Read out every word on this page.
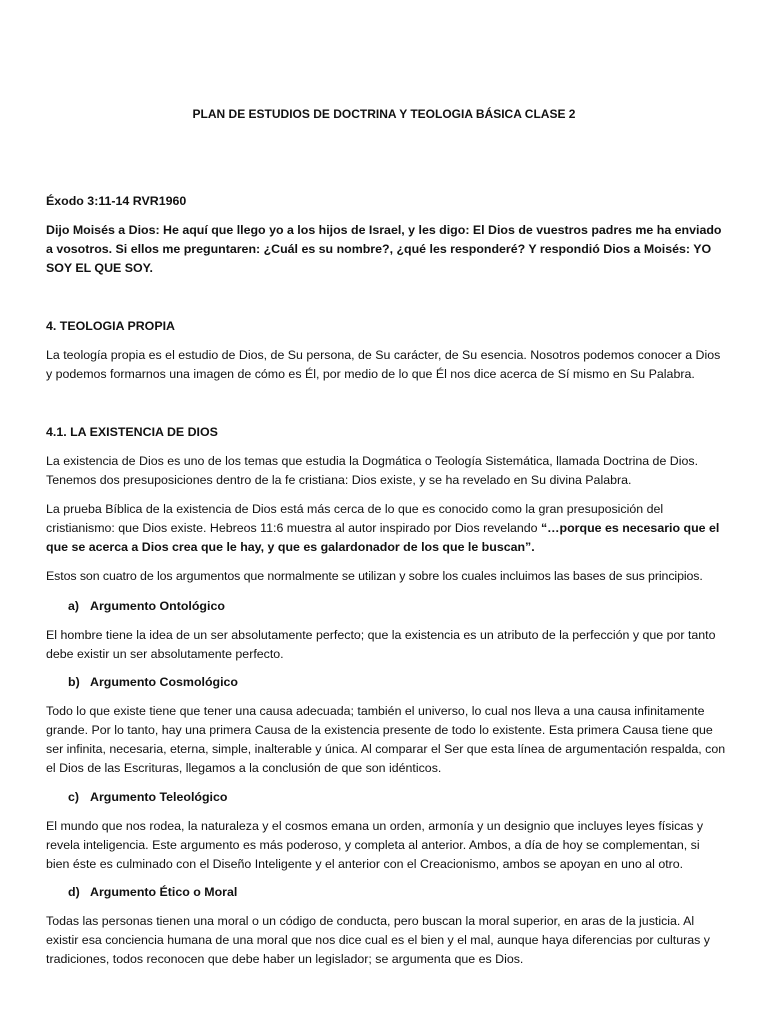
PLAN DE ESTUDIOS DE DOCTRINA Y TEOLOGIA BÁSICA CLASE 2

Éxodo 3:11-14 RVR1960

Dijo Moisés a Dios: He aquí que llego yo a los hijos de Israel, y les digo: El Dios de vuestros padres me ha enviado a vosotros. Si ellos me preguntaren: ¿Cuál es su nombre?, ¿qué les responderé? Y respondió Dios a Moisés: YO SOY EL QUE SOY.

4. TEOLOGIA PROPIA

La teología propia es el estudio de Dios, de Su persona, de Su carácter, de Su esencia. Nosotros podemos conocer a Dios y podemos formarnos una imagen de cómo es Él, por medio de lo que Él nos dice acerca de Sí mismo en Su Palabra.

4.1. LA EXISTENCIA DE DIOS

La existencia de Dios es uno de los temas que estudia la Dogmática o Teología Sistemática, llamada Doctrina de Dios. Tenemos dos presuposiciones dentro de la fe cristiana: Dios existe, y se ha revelado en Su divina Palabra.

La prueba Bíblica de la existencia de Dios está más cerca de lo que es conocido como la gran presuposición del cristianismo: que Dios existe. Hebreos 11:6 muestra al autor inspirado por Dios revelando “…porque es necesario que el que se acerca a Dios crea que le hay, y que es galardonador de los que le buscan”.

Estos son cuatro de los argumentos que normalmente se utilizan y sobre los cuales incluimos las bases de sus principios.

a) Argumento Ontológico

El hombre tiene la idea de un ser absolutamente perfecto; que la existencia es un atributo de la perfección y que por tanto debe existir un ser absolutamente perfecto.

b) Argumento Cosmológico

Todo lo que existe tiene que tener una causa adecuada; también el universo, lo cual nos lleva a una causa infinitamente grande. Por lo tanto, hay una primera Causa de la existencia presente de todo lo existente. Esta primera Causa tiene que ser infinita, necesaria, eterna, simple, inalterable y única. Al comparar el Ser que esta línea de argumentación respalda, con el Dios de las Escrituras, llegamos a la conclusión de que son idénticos.

c) Argumento Teleológico

El mundo que nos rodea, la naturaleza y el cosmos emana un orden, armonía y un designio que incluyes leyes físicas y revela inteligencia. Este argumento es más poderoso, y completa al anterior. Ambos, a día de hoy se complementan, si bien éste es culminado con el Diseño Inteligente y el anterior con el Creacionismo, ambos se apoyan en uno al otro.

d) Argumento Ético o Moral

Todas las personas tienen una moral o un código de conducta, pero buscan la moral superior, en aras de la justicia. Al existir esa conciencia humana de una moral que nos dice cual es el bien y el mal, aunque haya diferencias por culturas y tradiciones, todos reconocen que debe haber un legislador; se argumenta que es Dios.
